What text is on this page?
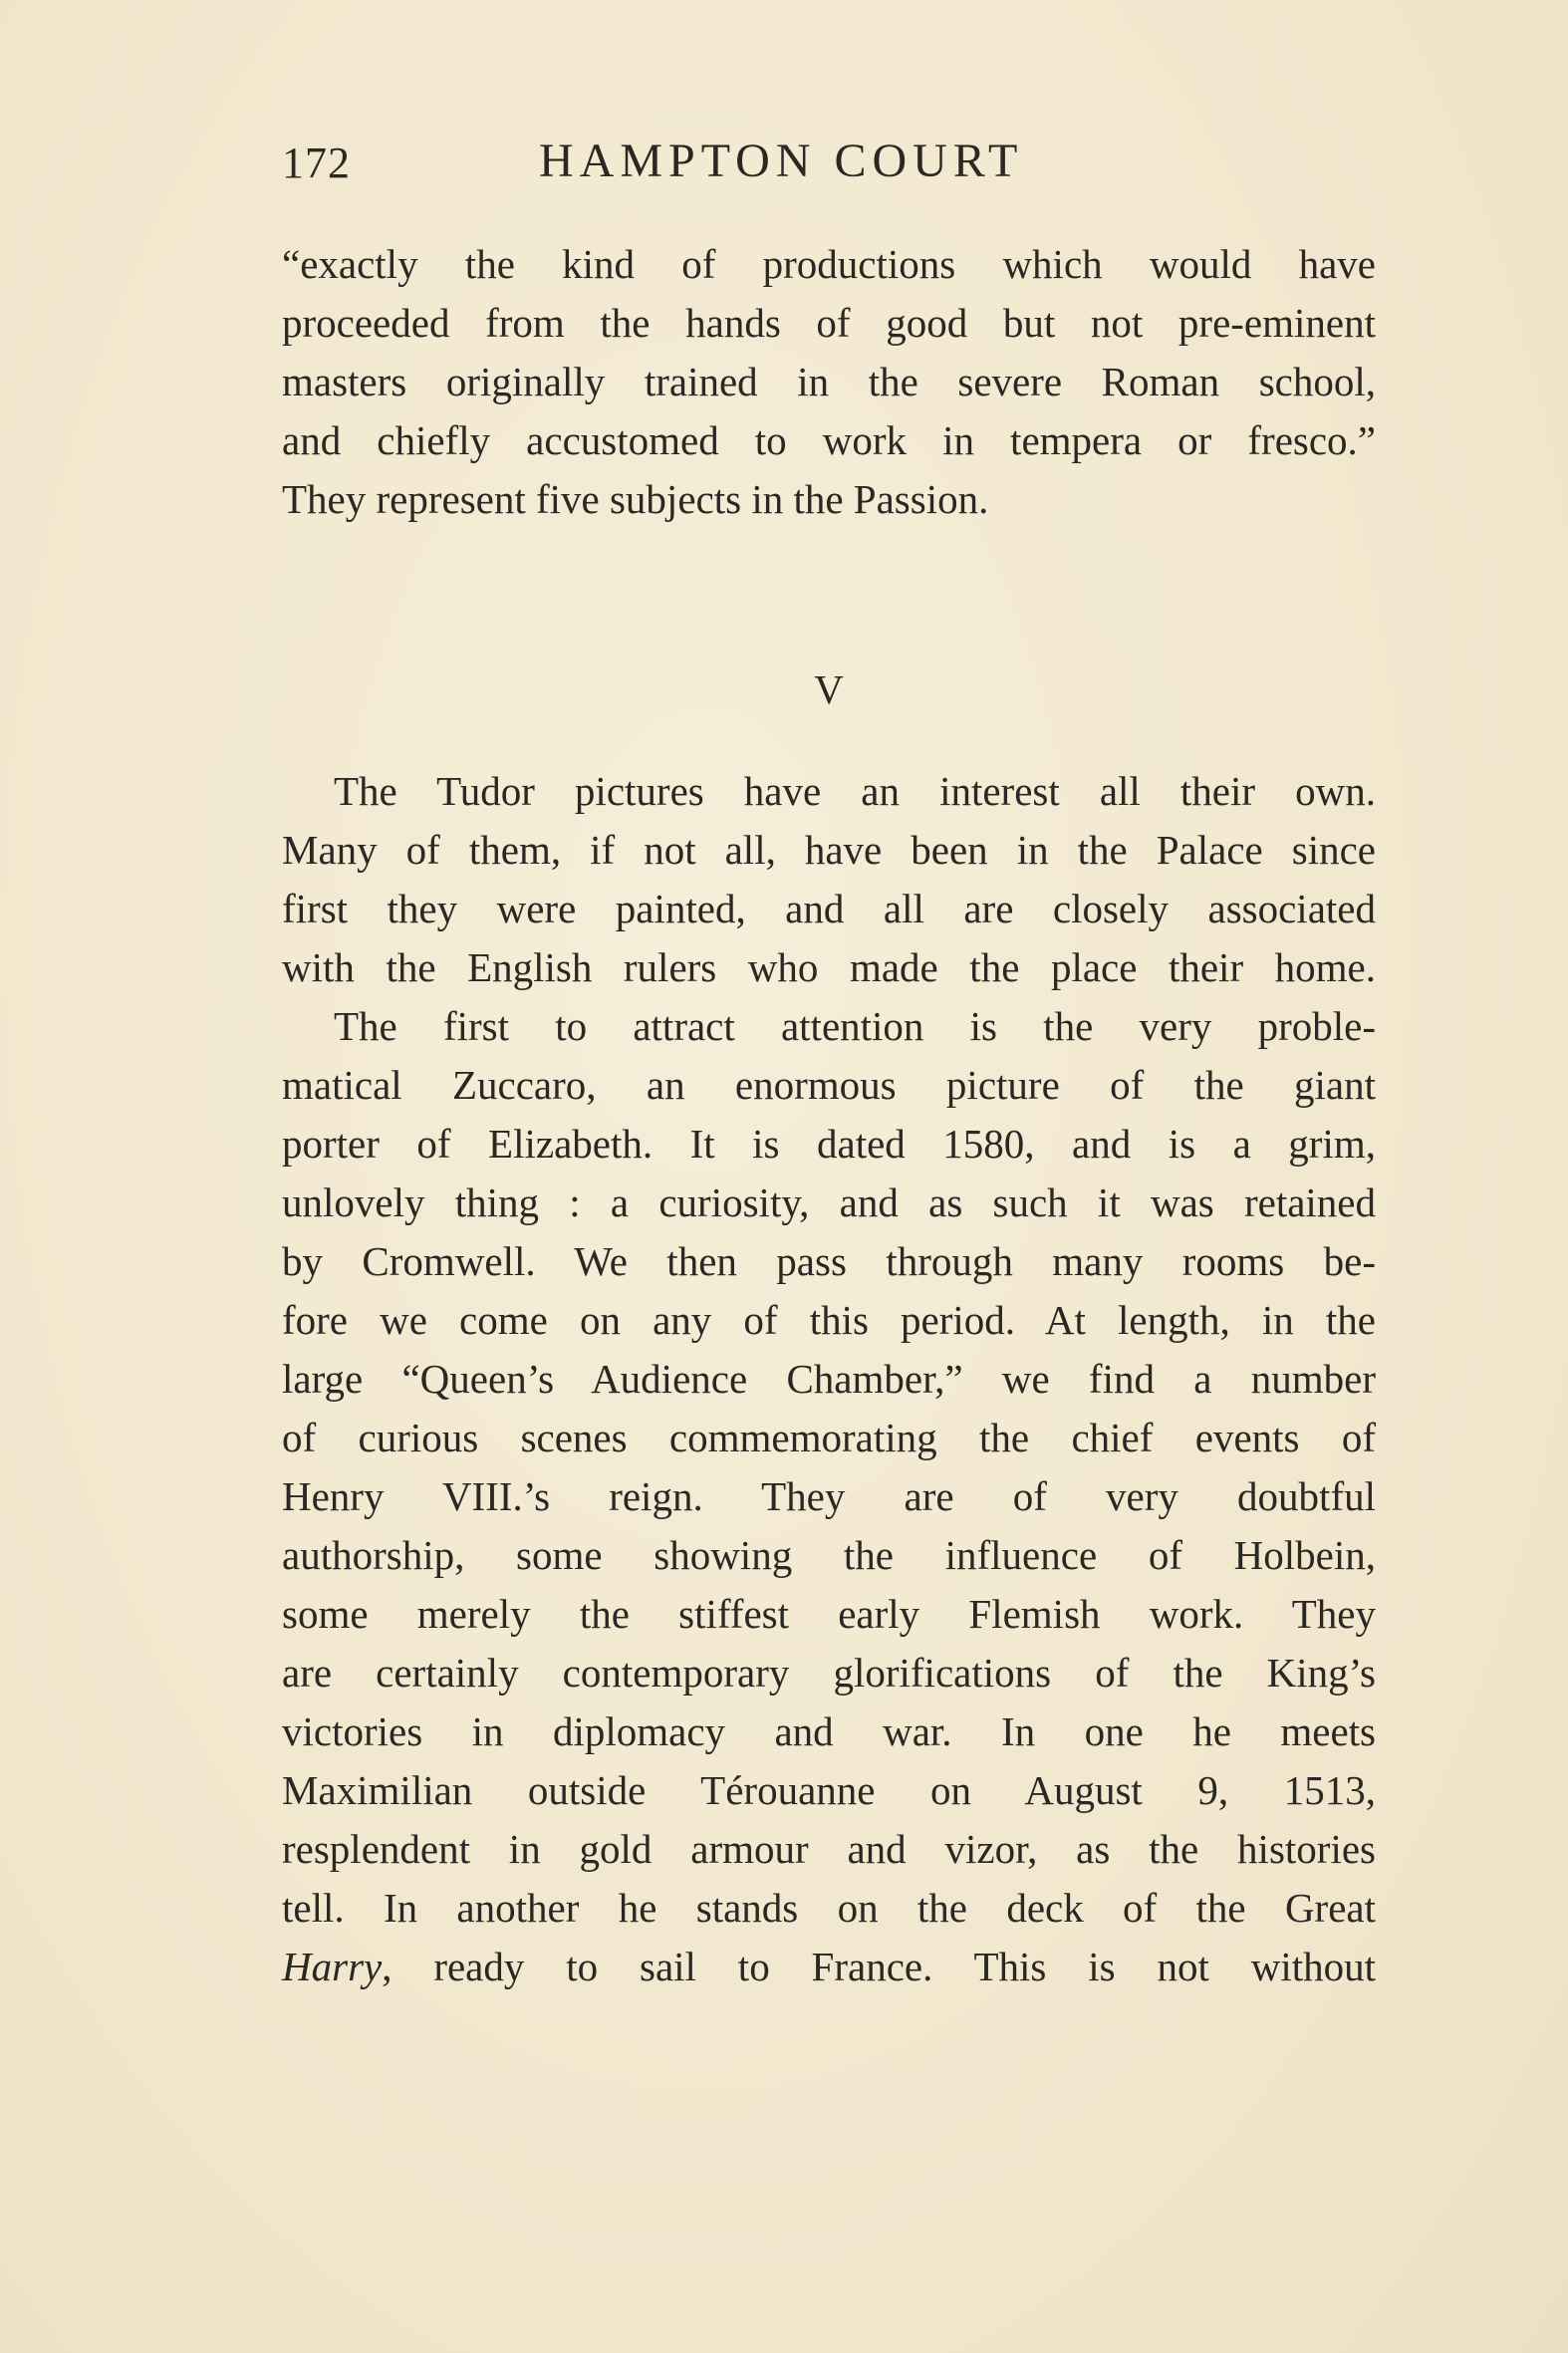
172	HAMPTON COURT
“exactly the kind of productions which would have
proceeded from the hands of good but not pre-eminent
masters originally trained in the severe Roman school,
and chiefly accustomed to work in tempera or fresco.”
They represent five subjects in the Passion.
V
The Tudor pictures have an interest all their own.
Many of them, if not all, have been in the Palace since
first they were painted, and all are closely associated
with the English rulers who made the place their home.
The first to attract attention is the very proble-
matical Zuccaro, an enormous picture of the giant
porter of Elizabeth. It is dated 1580, and is a grim,
unlovely thing : a curiosity, and as such it was retained
by Cromwell. We then pass through many rooms be-
fore we come on any of this period. At length, in the
large “Queen’s Audience Chamber,” we find a number
of curious scenes commemorating the chief events of
Henry VIII.’s reign. They are of very doubtful
authorship, some showing the influence of Holbein,
some merely the stiffest early Flemish work. They
are certainly contemporary glorifications of the King’s
victories in diplomacy and war. In one he meets
Maximilian outside Térouanne on August 9, 1513,
resplendent in gold armour and vizor, as the histories
tell. In another he stands on the deck of the Great
Harry, ready to sail to France. This is not without
